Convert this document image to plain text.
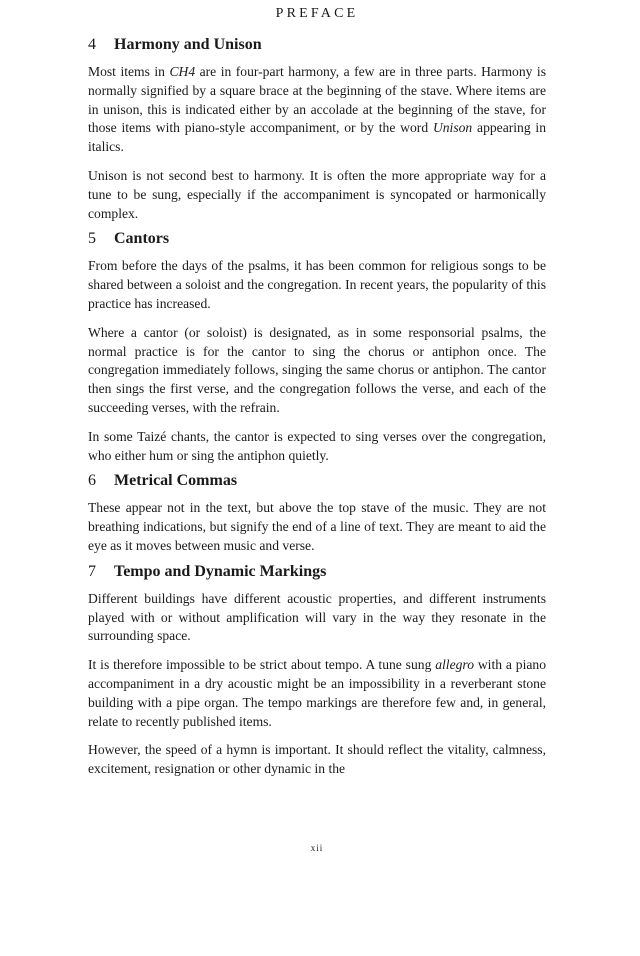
PREFACE
4	Harmony and Unison

Most items in CH4 are in four-part harmony, a few are in three parts. Harmony is normally signified by a square brace at the beginning of the stave. Where items are in unison, this is indicated either by an accolade at the beginning of the stave, for those items with piano-style accompaniment, or by the word Unison appearing in italics.

Unison is not second best to harmony. It is often the more appropriate way for a tune to be sung, especially if the accompaniment is syncopated or harmonically complex.

5	Cantors

From before the days of the psalms, it has been common for religious songs to be shared between a soloist and the congregation. In recent years, the popularity of this practice has increased.

Where a cantor (or soloist) is designated, as in some responsorial psalms, the normal practice is for the cantor to sing the chorus or antiphon once. The congregation immediately follows, singing the same chorus or antiphon. The cantor then sings the first verse, and the congregation follows the verse, and each of the succeeding verses, with the refrain.

In some Taizé chants, the cantor is expected to sing verses over the congregation, who either hum or sing the antiphon quietly.

6	Metrical Commas

These appear not in the text, but above the top stave of the music. They are not breathing indications, but signify the end of a line of text. They are meant to aid the eye as it moves between music and verse.

7	Tempo and Dynamic Markings

Different buildings have different acoustic properties, and different instruments played with or without amplification will vary in the way they resonate in the surrounding space.

It is therefore impossible to be strict about tempo. A tune sung allegro with a piano accompaniment in a dry acoustic might be an impossibility in a reverberant stone building with a pipe organ. The tempo markings are therefore few and, in general, relate to recently published items.

However, the speed of a hymn is important. It should reflect the vitality, calmness, excitement, resignation or other dynamic in the

xii
